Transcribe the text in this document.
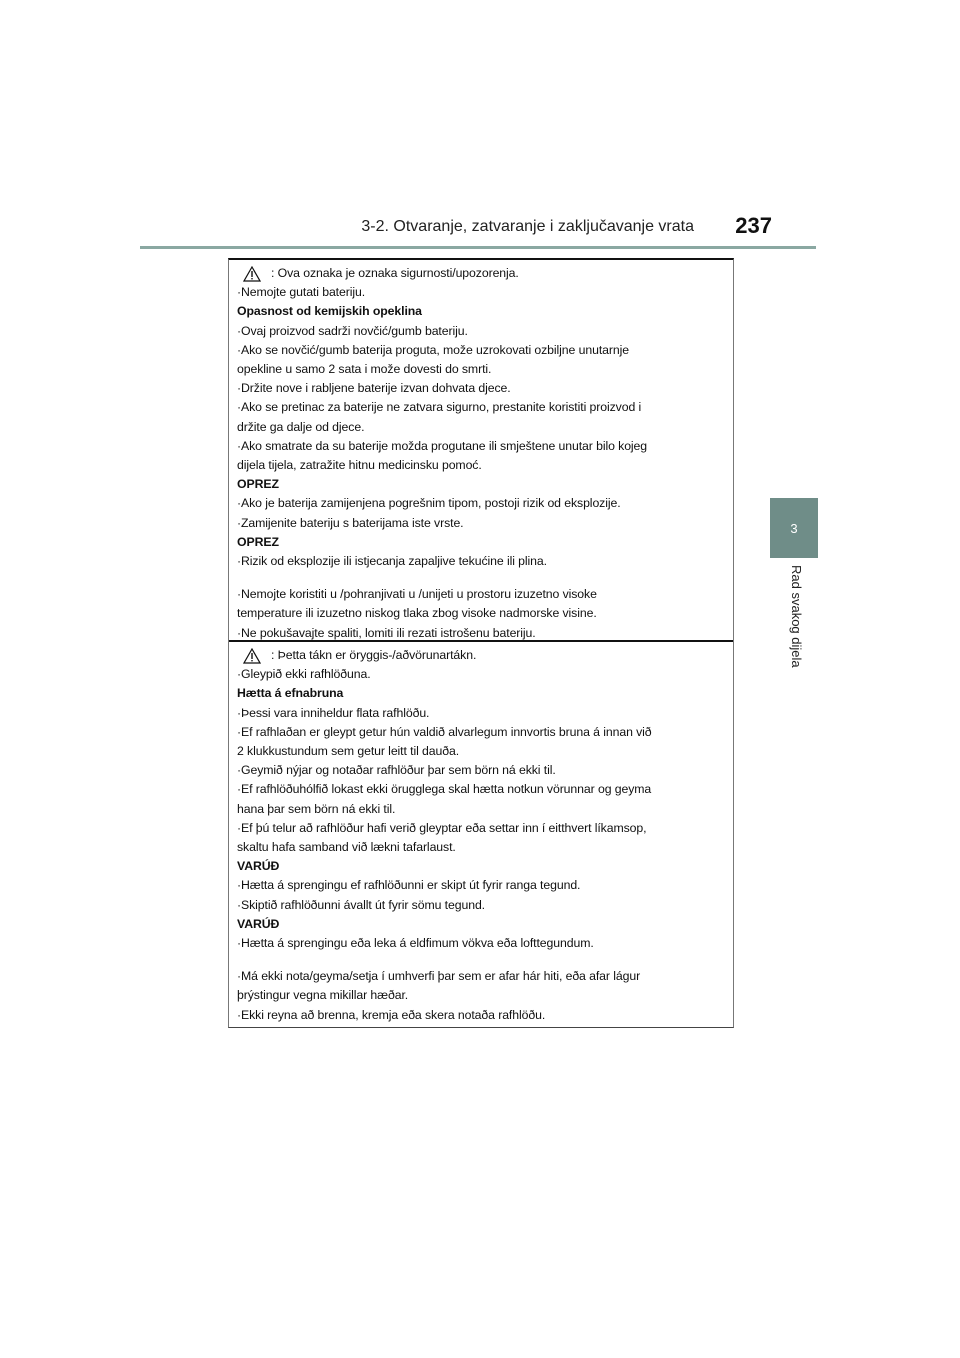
3-2. Otvaranje, zatvaranje i zaključavanje vrata 237
3
Rad svakog dijela
: Ova oznaka je oznaka sigurnosti/upozorenja.
·Nemojte gutati bateriju.
Opasnost od kemijskih opeklina
·Ovaj proizvod sadrži novčić/gumb bateriju.
·Ako se novčić/gumb baterija proguta, može uzrokovati ozbiljne unutarnje
opekline u samo 2 sata i može dovesti do smrti.
·Držite nove i rabljene baterije izvan dohvata djece.
·Ako se pretinac za baterije ne zatvara sigurno, prestanite koristiti proizvod i
držite ga dalje od djece.
·Ako smatrate da su baterije možda progutane ili smještene unutar bilo kojeg
dijela tijela, zatražite hitnu medicinsku pomoć.
OPREZ
·Ako je baterija zamijenjena pogrešnim tipom, postoji rizik od eksplozije.
·Zamijenite bateriju s baterijama iste vrste.
OPREZ
·Rizik od eksplozije ili istjecanja zapaljive tekućine ili plina.
·Nemojte koristiti u /pohranjivati u /unijeti u prostoru izuzetno visoke
temperature ili izuzetno niskog tlaka zbog visoke nadmorske visine.
·Ne pokušavajte spaliti, lomiti ili rezati istrošenu bateriju.
: Þetta tákn er öryggis-/aðvörunartákn.
·Gleypið ekki rafhlöðuna.
Hætta á efnabruna
·Þessi vara inniheldur flata rafhlöðu.
·Ef rafhlaðan er gleypt getur hún valdið alvarlegum innvortis bruna á innan við
2 klukkustundum sem getur leitt til dauða.
·Geymið nýjar og notaðar rafhlöður þar sem börn ná ekki til.
·Ef rafhlöðuhólfið lokast ekki örugglega skal hætta notkun vörunnar og geyma
hana þar sem börn ná ekki til.
·Ef þú telur að rafhlöður hafi verið gleyptar eða settar inn í eitthvert líkamsop,
skaltu hafa samband við lækni tafarlaust.
VARÚÐ
·Hætta á sprengingu ef rafhlöðunni er skipt út fyrir ranga tegund.
·Skiptið rafhlöðunni ávallt út fyrir sömu tegund.
VARÚÐ
·Hætta á sprengingu eða leka á eldfimum vökva eða lofttegundum.
·Má ekki nota/geyma/setja í umhverfi þar sem er afar hár hiti, eða afar lágur
þrýstingur vegna mikillar hæðar.
·Ekki reyna að brenna, kremja eða skera notaða rafhlöðu.
